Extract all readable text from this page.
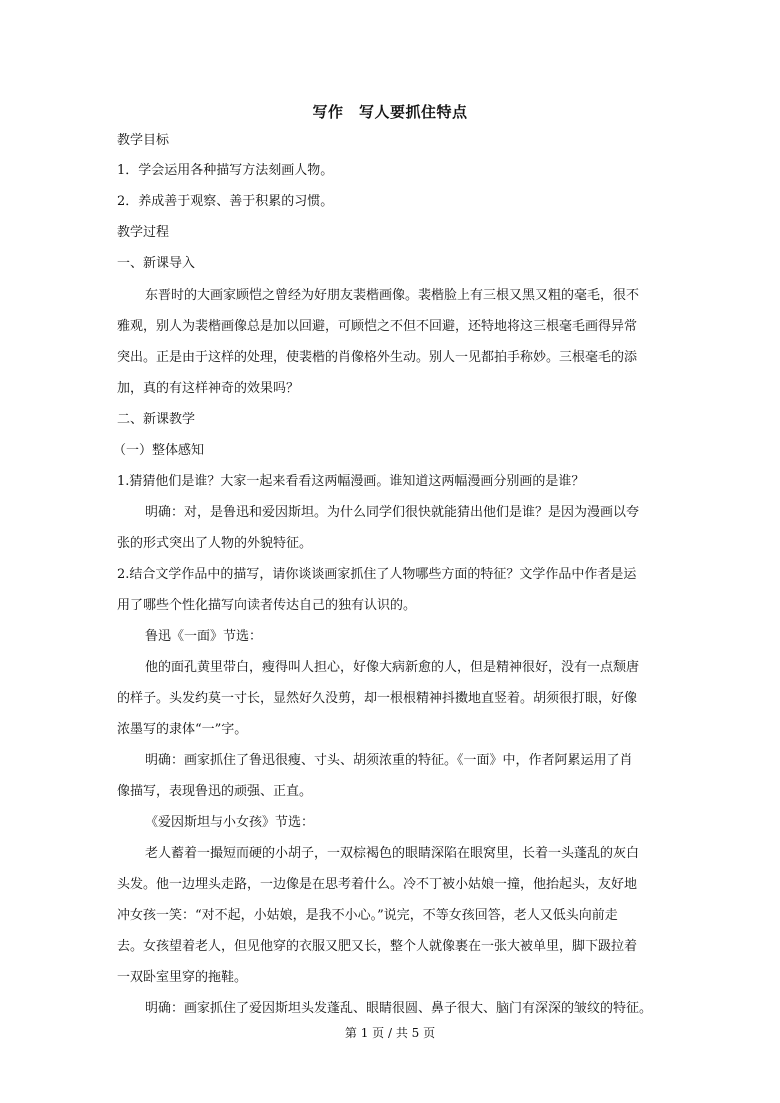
写作　写人要抓住特点
教学目标
1．学会运用各种描写方法刻画人物。
2．养成善于观察、善于积累的习惯。
教学过程
一、新课导入
东晋时的大画家顾恺之曾经为好朋友裴楷画像。裴楷脸上有三根又黑又粗的毫毛，很不
雅观，别人为裴楷画像总是加以回避，可顾恺之不但不回避，还特地将这三根毫毛画得异常
突出。正是由于这样的处理，使裴楷的肖像格外生动。别人一见都拍手称妙。三根毫毛的添
加，真的有这样神奇的效果吗？
二、新课教学
（一）整体感知
1.猜猜他们是谁？大家一起来看看这两幅漫画。谁知道这两幅漫画分别画的是谁？
明确：对，是鲁迅和爱因斯坦。为什么同学们很快就能猜出他们是谁？是因为漫画以夸
张的形式突出了人物的外貌特征。
2.结合文学作品中的描写，请你谈谈画家抓住了人物哪些方面的特征？文学作品中作者是运
用了哪些个性化描写向读者传达自己的独有认识的。
鲁迅《一面》节选：
他的面孔黄里带白，瘦得叫人担心，好像大病新愈的人，但是精神很好，没有一点颓唐
的样子。头发约莫一寸长，显然好久没剪，却一根根精神抖擞地直竖着。胡须很打眼，好像
浓墨写的隶体“一”字。
明确：画家抓住了鲁迅很瘦、寸头、胡须浓重的特征。《一面》中，作者阿累运用了肖
像描写，表现鲁迅的顽强、正直。
《爱因斯坦与小女孩》节选：
老人蓄着一撮短而硬的小胡子，一双棕褐色的眼睛深陷在眼窝里，长着一头蓬乱的灰白
头发。他一边埋头走路，一边像是在思考着什么。冷不丁被小姑娘一撞，他抬起头，友好地
冲女孩一笑：“对不起，小姑娘，是我不小心。”说完，不等女孩回答，老人又低头向前走
去。女孩望着老人，但见他穿的衣服又肥又长，整个人就像裹在一张大被单里，脚下趿拉着
一双卧室里穿的拖鞋。
明确：画家抓住了爱因斯坦头发蓬乱、眼睛很圆、鼻子很大、脑门有深深的皱纹的特征。
第 1 页 / 共 5 页
